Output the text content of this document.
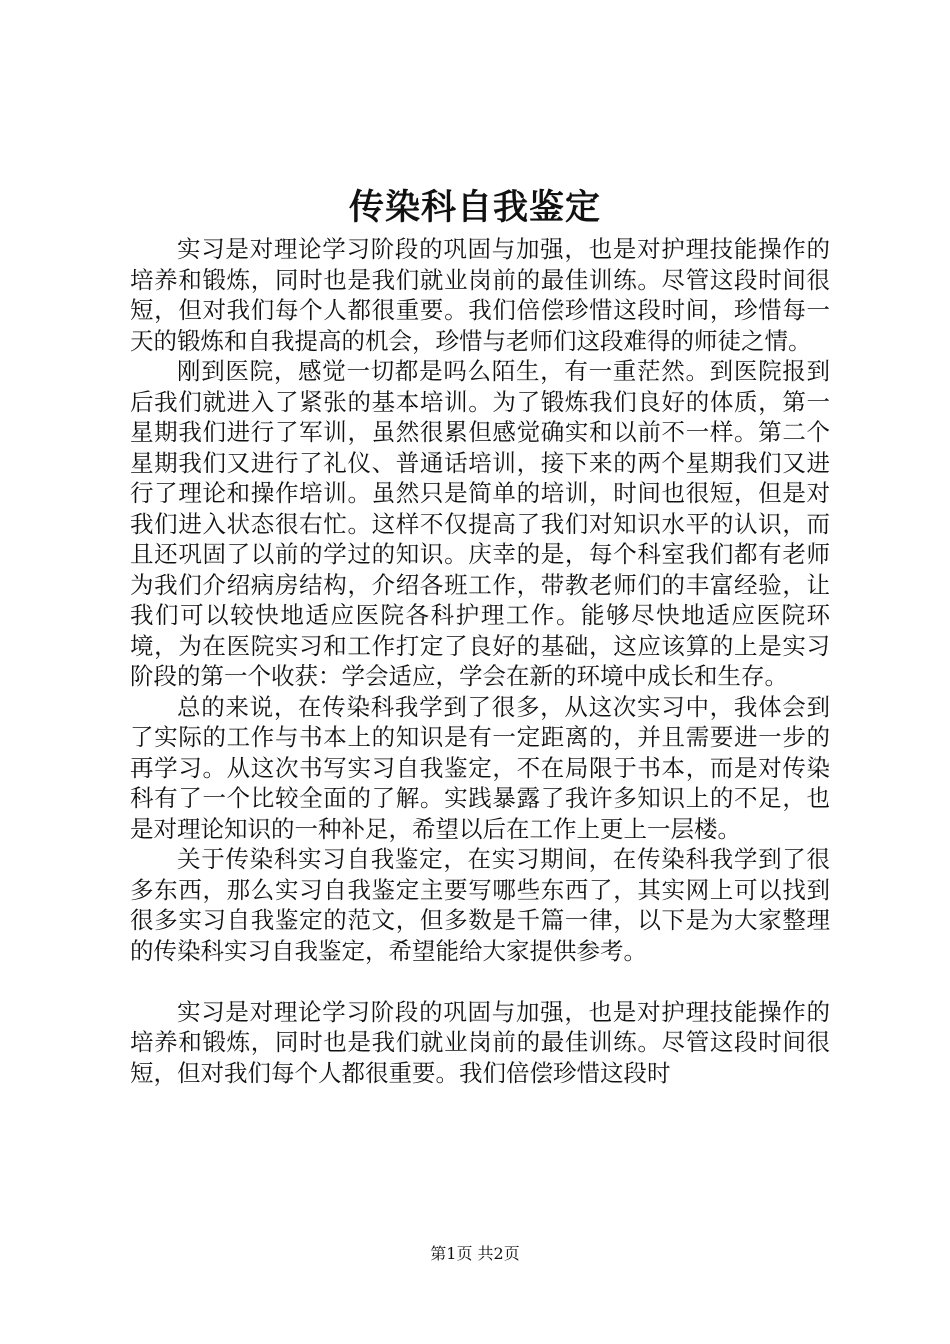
传染科自我鉴定

实习是对理论学习阶段的巩固与加强，也是对护理技能操作的培养和锻炼，同时也是我们就业岗前的最佳训练。尽管这段时间很短，但对我们每个人都很重要。我们倍偿珍惜这段时间，珍惜每一天的锻炼和自我提高的机会，珍惜与老师们这段难得的师徒之情。

刚到医院，感觉一切都是吗么陌生，有一重茫然。到医院报到后我们就进入了紧张的基本培训。为了锻炼我们良好的体质，第一星期我们进行了军训，虽然很累但感觉确实和以前不一样。第二个星期我们又进行了礼仪、普通话培训，接下来的两个星期我们又进行了理论和操作培训。虽然只是简单的培训，时间也很短，但是对我们进入状态很右忙。这样不仅提高了我们对知识水平的认识，而且还巩固了以前的学过的知识。庆幸的是，每个科室我们都有老师为我们介绍病房结构，介绍各班工作，带教老师们的丰富经验，让我们可以较快地适应医院各科护理工作。能够尽快地适应医院环境，为在医院实习和工作打定了良好的基础，这应该算的上是实习阶段的第一个收获：学会适应，学会在新的环境中成长和生存。

总的来说，在传染科我学到了很多，从这次实习中，我体会到了实际的工作与书本上的知识是有一定距离的，并且需要进一步的再学习。从这次书写实习自我鉴定，不在局限于书本，而是对传染科有了一个比较全面的了解。实践暴露了我许多知识上的不足，也是对理论知识的一种补足，希望以后在工作上更上一层楼。

关于传染科实习自我鉴定，在实习期间，在传染科我学到了很多东西，那么实习自我鉴定主要写哪些东西了，其实网上可以找到很多实习自我鉴定的范文，但多数是千篇一律，以下是为大家整理的传染科实习自我鉴定，希望能给大家提供参考。

实习是对理论学习阶段的巩固与加强，也是对护理技能操作的培养和锻炼，同时也是我们就业岗前的最佳训练。尽管这段时间很短，但对我们每个人都很重要。我们倍偿珍惜这段时

第1页 共2页
